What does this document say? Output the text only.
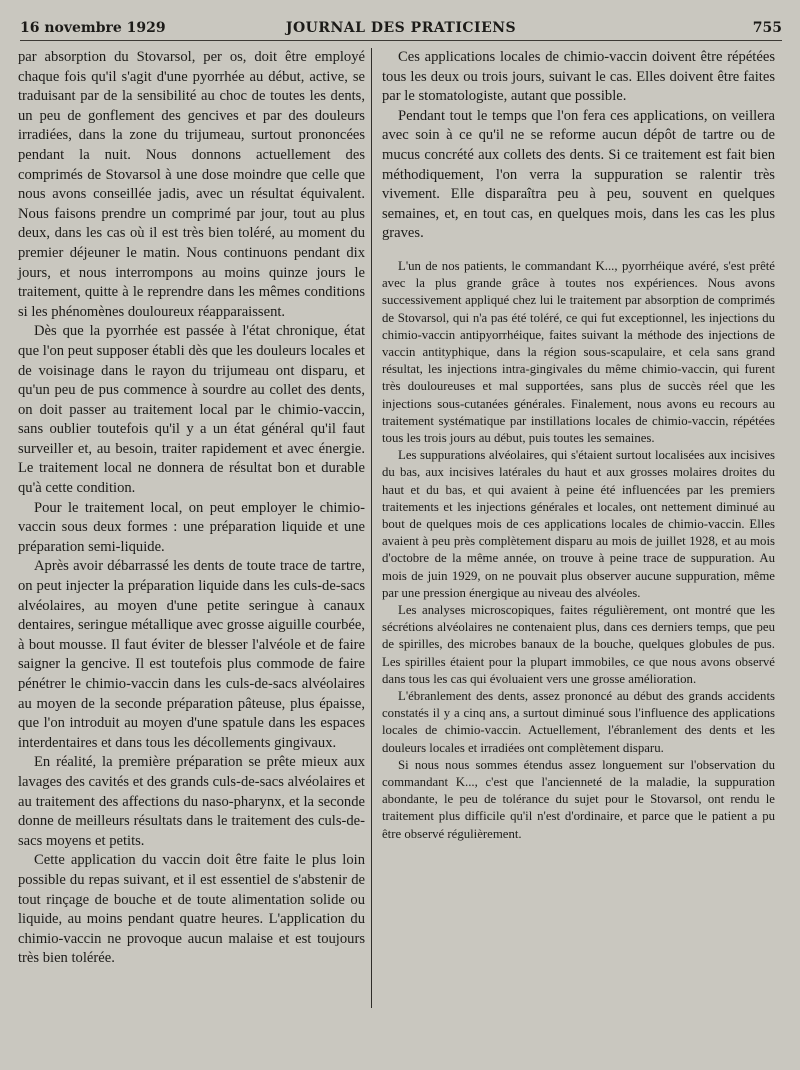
16 novembre 1929	JOURNAL DES PRATICIENS	755

par absorption du Stovarsol, per os, doit être employé chaque fois qu'il s'agit d'une pyorrhée au début, active, se traduisant par de la sensibilité au choc de toutes les dents, un peu de gonflement des gencives et par des douleurs irradiées, dans la zone du trijumeau, surtout prononcées pendant la nuit. Nous donnons actuellement des comprimés de Stovarsol à une dose moindre que celle que nous avons conseillée jadis, avec un résultat équivalent. Nous faisons prendre un comprimé par jour, tout au plus deux, dans les cas où il est très bien toléré, au moment du premier déjeuner le matin. Nous continuons pendant dix jours, et nous interrompons au moins quinze jours le traitement, quitte à le reprendre dans les mêmes conditions si les phénomènes douloureux réapparaissent.

Dès que la pyorrhée est passée à l'état chronique, état que l'on peut supposer établi dès que les douleurs locales et de voisinage dans le rayon du trijumeau ont disparu, et qu'un peu de pus commence à sourdre au collet des dents, on doit passer au traitement local par le chimio-vaccin, sans oublier toutefois qu'il y a un état général qu'il faut surveiller et, au besoin, traiter rapidement et avec énergie. Le traitement local ne donnera de résultat bon et durable qu'à cette condition.

Pour le traitement local, on peut employer le chimio-vaccin sous deux formes : une préparation liquide et une préparation semi-liquide.

Après avoir débarrassé les dents de toute trace de tartre, on peut injecter la préparation liquide dans les culs-de-sacs alvéolaires, au moyen d'une petite seringue à canaux dentaires, seringue métallique avec grosse aiguille courbée, à bout mousse. Il faut éviter de blesser l'alvéole et de faire saigner la gencive. Il est toutefois plus commode de faire pénétrer le chimio-vaccin dans les culs-de-sacs alvéolaires au moyen de la seconde préparation pâteuse, plus épaisse, que l'on introduit au moyen d'une spatule dans les espaces interdentaires et dans tous les décollements gingivaux.

En réalité, la première préparation se prête mieux aux lavages des cavités et des grands culs-de-sacs alvéolaires et au traitement des affections du naso-pharynx, et la seconde donne de meilleurs résultats dans le traitement des culs-de-sacs moyens et petits.

Cette application du vaccin doit être faite le plus loin possible du repas suivant, et il est essentiel de s'abstenir de tout rinçage de bouche et de toute alimentation solide ou liquide, au moins pendant quatre heures. L'application du chimio-vaccin ne provoque aucun malaise et est toujours très bien tolérée.

Ces applications locales de chimio-vaccin doivent être répétées tous les deux ou trois jours, suivant le cas. Elles doivent être faites par le stomatologiste, autant que possible.

Pendant tout le temps que l'on fera ces applications, on veillera avec soin à ce qu'il ne se reforme aucun dépôt de tartre ou de mucus concrété aux collets des dents. Si ce traitement est fait bien méthodiquement, l'on verra la suppuration se ralentir très vivement. Elle disparaîtra peu à peu, souvent en quelques semaines, et, en tout cas, en quelques mois, dans les cas les plus graves.

L'un de nos patients, le commandant K..., pyorrhéique avéré, s'est prêté avec la plus grande grâce à toutes nos expériences. Nous avons successivement appliqué chez lui le traitement par absorption de comprimés de Stovarsol, qui n'a pas été toléré, ce qui fut exceptionnel, les injections du chimio-vaccin antipyorrhéique, faites suivant la méthode des injections de vaccin antityphique, dans la région sous-scapulaire, et cela sans grand résultat, les injections intra-gingivales du même chimio-vaccin, qui furent très douloureuses et mal supportées, sans plus de succès réel que les injections sous-cutanées générales. Finalement, nous avons eu recours au traitement systématique par instillations locales de chimio-vaccin, répétées tous les trois jours au début, puis toutes les semaines.

Les suppurations alvéolaires, qui s'étaient surtout localisées aux incisives du bas, aux incisives latérales du haut et aux grosses molaires droites du haut et du bas, et qui avaient à peine été influencées par les premiers traitements et les injections générales et locales, ont nettement diminué au bout de quelques mois de ces applications locales de chimio-vaccin. Elles avaient à peu près complètement disparu au mois de juillet 1928, et au mois d'octobre de la même année, on trouve à peine trace de suppuration. Au mois de juin 1929, on ne pouvait plus observer aucune suppuration, même par une pression énergique au niveau des alvéoles.

Les analyses microscopiques, faites régulièrement, ont montré que les sécrétions alvéolaires ne contenaient plus, dans ces derniers temps, que peu de spirilles, des microbes banaux de la bouche, quelques globules de pus. Les spirilles étaient pour la plupart immobiles, ce que nous avons observé dans tous les cas qui évoluaient vers une grosse amélioration.

L'ébranlement des dents, assez prononcé au début des grands accidents constatés il y a cinq ans, a surtout diminué sous l'influence des applications locales de chimio-vaccin. Actuellement, l'ébranlement des dents et les douleurs locales et irradiées ont complètement disparu.

Si nous nous sommes étendus assez longuement sur l'observation du commandant K..., c'est que l'ancienneté de la maladie, la suppuration abondante, le peu de tolérance du sujet pour le Stovarsol, ont rendu le traitement plus difficile qu'il n'est d'ordinaire, et parce que le patient a pu être observé régulièrement.
